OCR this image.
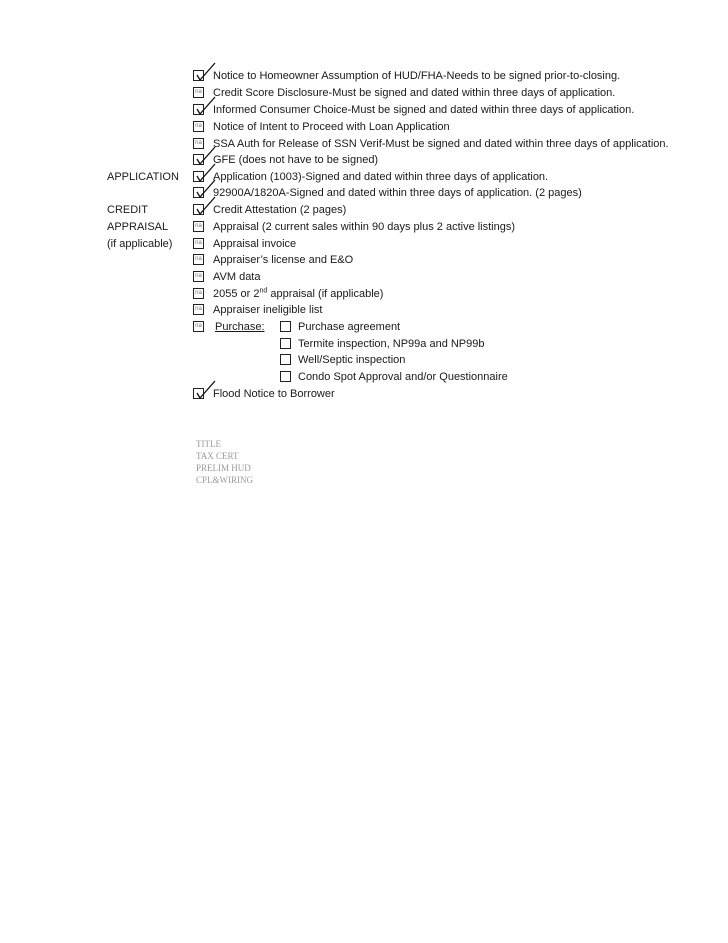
Notice to Homeowner Assumption of HUD/FHA-Needs to be signed prior-to-closing.
na Credit Score Disclosure-Must be signed and dated within three days of application.
Informed Consumer Choice-Must be signed and dated within three days of application.
na Notice of Intent to Proceed with Loan Application
na SSA Auth for Release of SSN Verif-Must be signed and dated within three days of application.
GFE (does not have to be signed)
APPLICATION	Application (1003)-Signed and dated within three days of application.
92900A/1820A-Signed and dated within three days of application. (2 pages)
CREDIT	Credit Attestation (2 pages)
APPRAISAL	na Appraisal (2 current sales within 90 days plus 2 active listings)
(if applicable)	na Appraisal invoice
na Appraiser’s license and E&O
na AVM data
na 2055 or 2nd appraisal (if applicable)
na Appraiser ineligible list
na Purchase:	Purchase agreement
Termite inspection, NP99a and NP99b
Well/Septic inspection
Condo Spot Approval and/or Questionnaire
Flood Notice to Borrower
TITLE
TAX CERT
PRELIM HUD
CPL&WIRING
